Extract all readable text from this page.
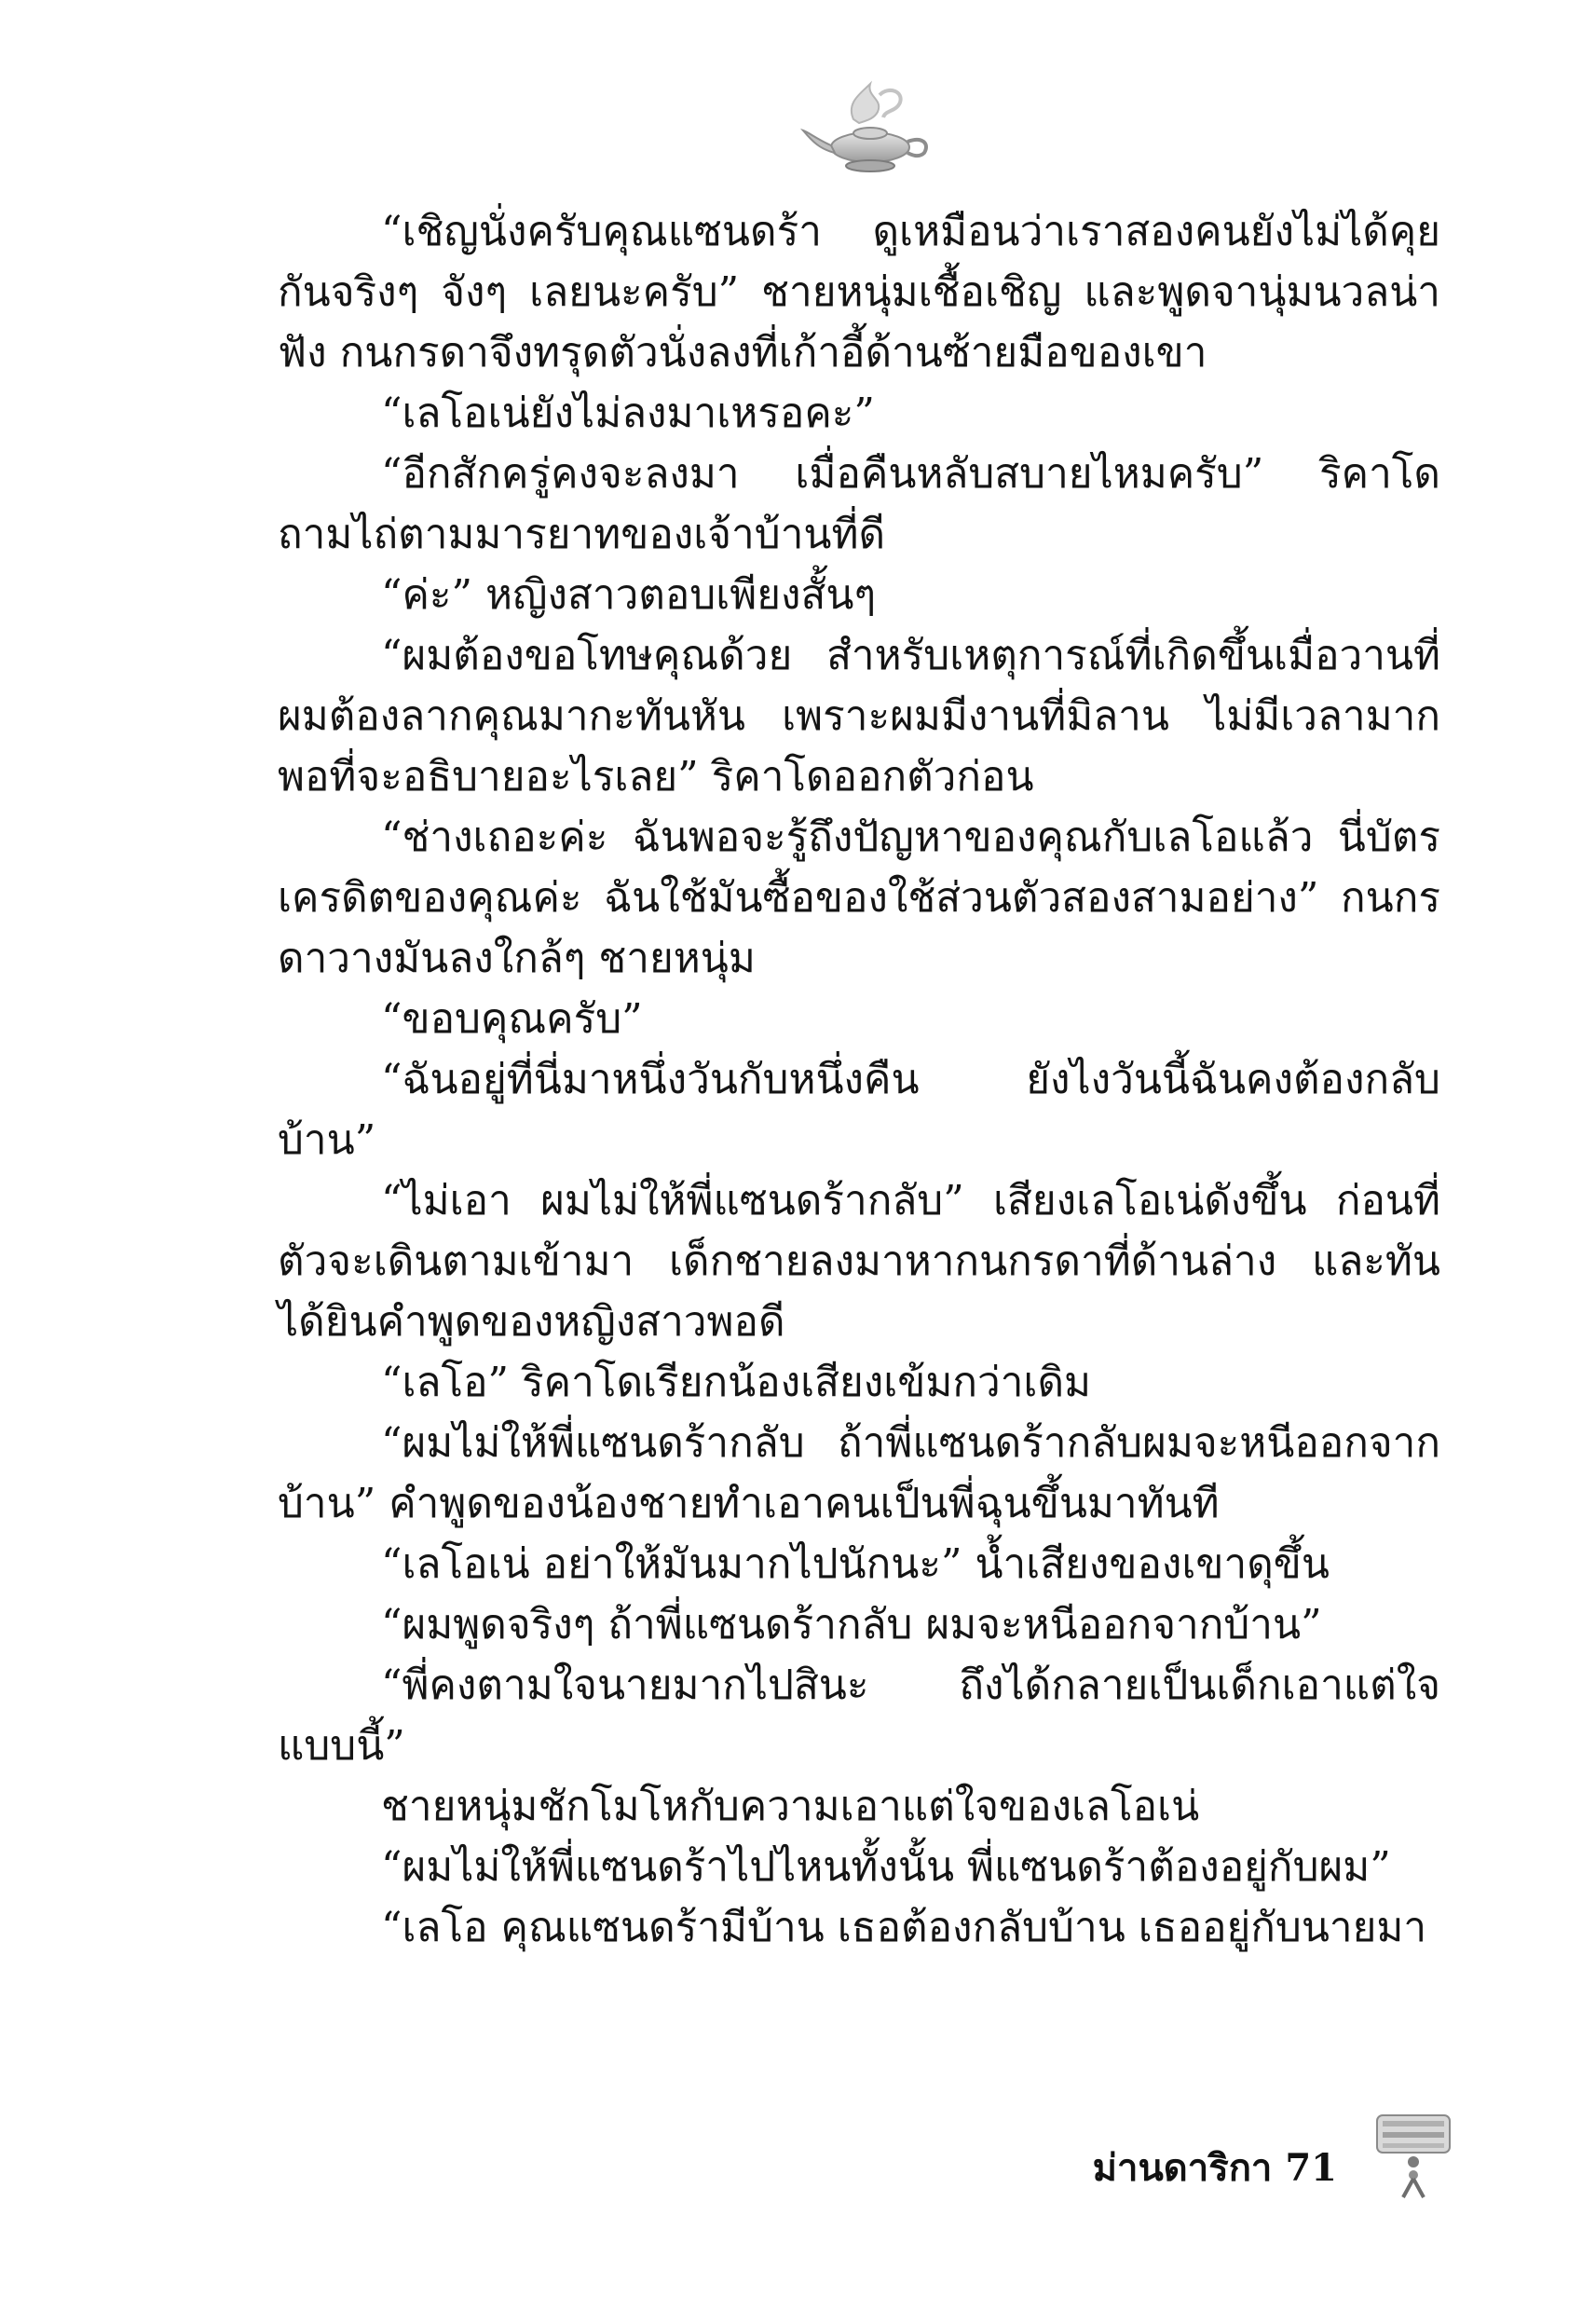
“เชิญนั่งครับคุณแซนดร้า ดูเหมือนว่าเราสองคนยังไม่ได้คุยกันจริงๆ จังๆ เลยนะครับ” ชายหนุ่มเชื้อเชิญ และพูดจานุ่มนวลน่าฟัง กนกรดาจึงทรุดตัวนั่งลงที่เก้าอี้ด้านซ้ายมือของเขา

“เลโอเน่ยังไม่ลงมาเหรอคะ”

“อีกสักครู่คงจะลงมา เมื่อคืนหลับสบายไหมครับ” ริคาโดถามไถ่ตามมารยาทของเจ้าบ้านที่ดี

“ค่ะ” หญิงสาวตอบเพียงสั้นๆ

“ผมต้องขอโทษคุณด้วย สำหรับเหตุการณ์ที่เกิดขึ้นเมื่อวานที่ผมต้องลากคุณมากะทันหัน เพราะผมมีงานที่มิลาน ไม่มีเวลามากพอที่จะอธิบายอะไรเลย” ริคาโดออกตัวก่อน

“ช่างเถอะค่ะ ฉันพอจะรู้ถึงปัญหาของคุณกับเลโอแล้ว นี่บัตรเครดิตของคุณค่ะ ฉันใช้มันซื้อของใช้ส่วนตัวสองสามอย่าง” กนกรดาวางมันลงใกล้ๆ ชายหนุ่ม

“ขอบคุณครับ”

“ฉันอยู่ที่นี่มาหนึ่งวันกับหนึ่งคืน ยังไงวันนี้ฉันคงต้องกลับบ้าน”

“ไม่เอา ผมไม่ให้พี่แซนดร้ากลับ” เสียงเลโอเน่ดังขึ้น ก่อนที่ตัวจะเดินตามเข้ามา เด็กชายลงมาหากนกรดาที่ด้านล่าง และทันได้ยินคำพูดของหญิงสาวพอดี

“เลโอ” ริคาโดเรียกน้องเสียงเข้มกว่าเดิม

“ผมไม่ให้พี่แซนดร้ากลับ ถ้าพี่แซนดร้ากลับผมจะหนีออกจากบ้าน” คำพูดของน้องชายทำเอาคนเป็นพี่ฉุนขึ้นมาทันที

“เลโอเน่ อย่าให้มันมากไปนักนะ” น้ำเสียงของเขาดุขึ้น

“ผมพูดจริงๆ ถ้าพี่แซนดร้ากลับ ผมจะหนีออกจากบ้าน”

“พี่คงตามใจนายมากไปสินะ ถึงได้กลายเป็นเด็กเอาแต่ใจแบบนี้”

ชายหนุ่มชักโมโหกับความเอาแต่ใจของเลโอเน่

“ผมไม่ให้พี่แซนดร้าไปไหนทั้งนั้น พี่แซนดร้าต้องอยู่กับผม”

“เลโอ คุณแซนดร้ามีบ้าน เธอต้องกลับบ้าน เธออยู่กับนายมา

ม่านดาริกา 71
